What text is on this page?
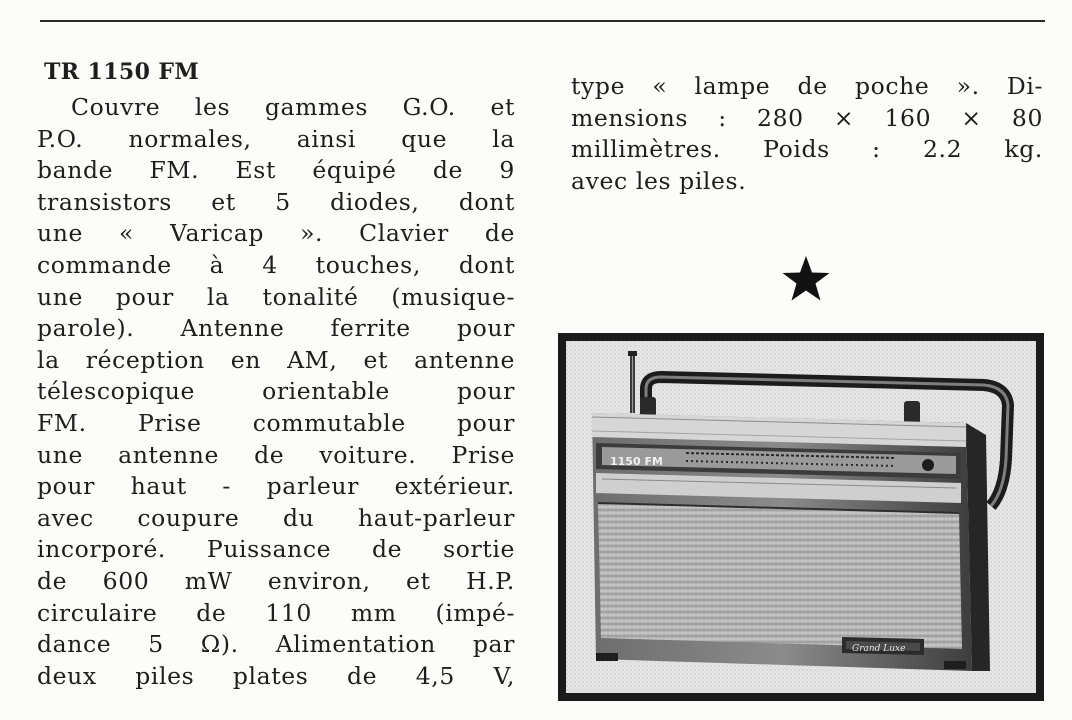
TR 1150 FM
Couvre les gammes G.O. et
P.O. normales, ainsi que la
bande FM. Est équipé de 9
transistors et 5 diodes, dont
une « Varicap ». Clavier de
commande à 4 touches, dont
une pour la tonalité (musique-
parole). Antenne ferrite pour
la réception en AM, et antenne
télescopique orientable pour
FM. Prise commutable pour
une antenne de voiture. Prise
pour haut - parleur extérieur.
avec coupure du haut-parleur
incorporé. Puissance de sortie
de 600 mW environ, et H.P.
circulaire de 110 mm (impé-
dance 5 Ω). Alimentation par
deux piles plates de 4,5 V,
type « lampe de poche ». Di-
mensions : 280 × 160 × 80
millimètres. Poids : 2.2 kg.
avec les piles.
1150 FM
Grand Luxe
